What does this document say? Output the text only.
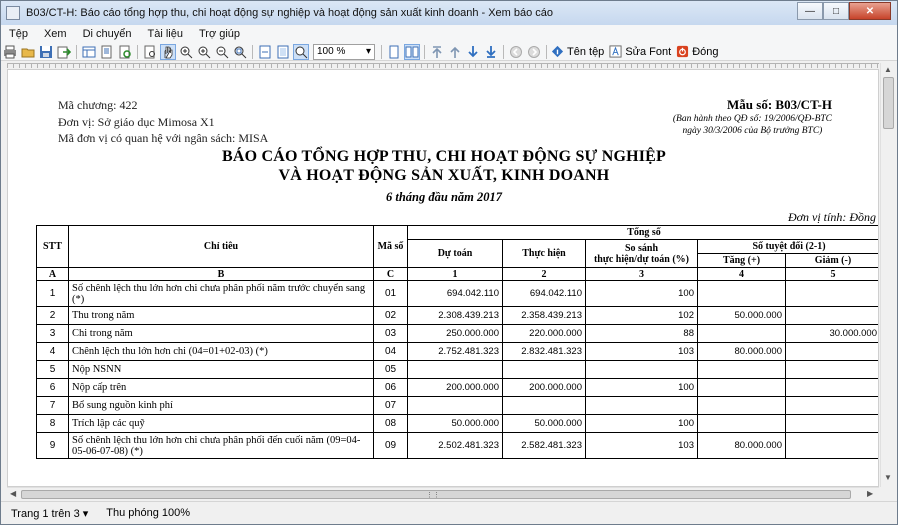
B03/CT-H: Báo cáo tổng hợp thu, chi hoạt động sự nghiệp và hoạt động sản xuất kinh doanh - Xem báo cáo	—	□	✕
Tệp	Xem	Di chuyển	Tài liệu	Trợ giúp
100 % ▾	Tên tệp Sửa Font Đóng
Mã chương: 422
Đơn vị: Sở giáo dục Mimosa X1
Mã đơn vị có quan hệ với ngân sách: MISA
Mẫu số: B03/CT-H
(Ban hành theo QĐ số: 19/2006/QĐ-BTC
ngày 30/3/2006 của Bộ trưởng BTC)
BÁO CÁO TỔNG HỢP THU, CHI HOẠT ĐỘNG SỰ NGHIỆP
VÀ HOẠT ĐỘNG SẢN XUẤT, KINH DOANH
6 tháng đầu năm 2017
Đơn vị tính: Đồng
STT	Chỉ tiêu	Mã số	Tổng số				
			Dự toán	Thực hiện	So sánh
thực hiện/dự toán (%)	Số tuyệt đối (2-1)	
						Tăng (+)	Giảm (-)
A	B	C	1	2	3	4	5
1	Số chênh lệch thu lớn hơn chi chưa phân phối năm trước chuyển sang (*)	01	694.042.110	694.042.110	100		
2	Thu trong năm	02	2.308.439.213	2.358.439.213	102	50.000.000	
3	Chi trong năm	03	250.000.000	220.000.000	88		30.000.000
4	Chênh lệch thu lớn hơn chi (04=01+02-03) (*)	04	2.752.481.323	2.832.481.323	103	80.000.000	
5	Nộp NSNN	05					
6	Nộp cấp trên	06	200.000.000	200.000.000	100		
7	Bổ sung nguồn kinh phí	07					
8	Trích lập các quỹ	08	50.000.000	50.000.000	100		
9	Số chênh lệch thu lớn hơn chi chưa phân phối đến cuối năm (09=04-05-06-07-08) (*)	09	2.502.481.323	2.582.481.323	103	80.000.000	
▲
▼
◀	⋮⋮	▶
Trang 1 trên 3 ▾	Thu phóng 100%
